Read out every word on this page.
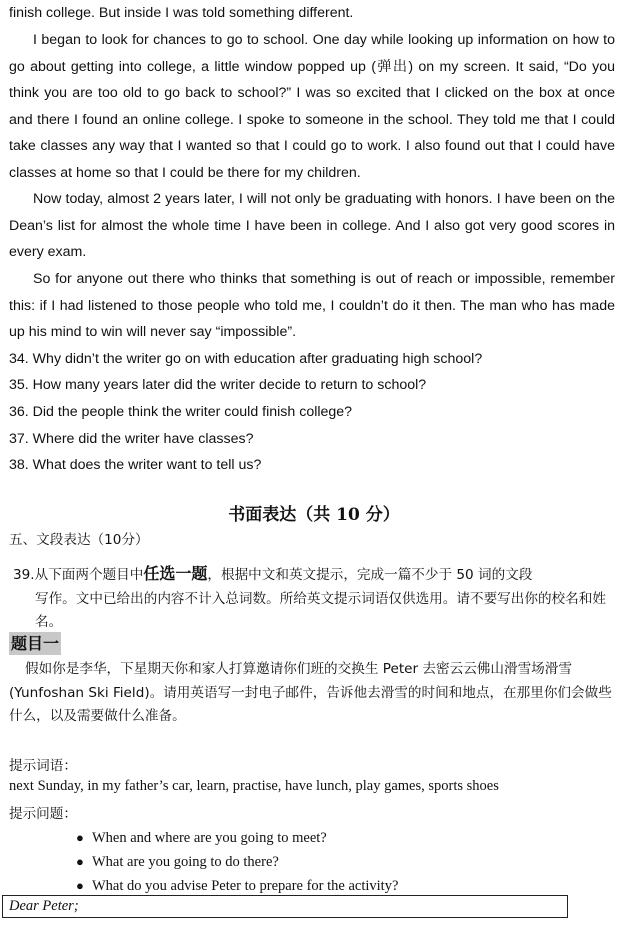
finish college. But inside I was told something different.

I began to look for chances to go to school. One day while looking up information on how to go about getting into college, a little window popped up (弹出) on my screen. It said, “Do you think you are too old to go back to school?” I was so excited that I clicked on the box at once and there I found an online college. I spoke to someone in the school. They told me that I could take classes any way that I wanted so that I could go to work. I also found out that I could have classes at home so that I could be there for my children.

Now today, almost 2 years later, I will not only be graduating with honors. I have been on the Dean’s list for almost the whole time I have been in college. And I also got very good scores in every exam.

So for anyone out there who thinks that something is out of reach or impossible, remember this: if I had listened to those people who told me, I couldn’t do it then. The man who has made up his mind to win will never say “impossible”.

34. Why didn’t the writer go on with education after graduating high school?
35. How many years later did the writer decide to return to school?
36. Did the people think the writer could finish college?
37. Where did the writer have classes?
38. What does the writer want to tell us?
书面表达（共 10 分）
五、文段表达（10分）
39.从下面两个题目中任选一题，根据中文和英文提示，完成一篇不少于 50 词的文段
写作。文中已给出的内容不计入总词数。所给英文提示词语仅供选用。请不要写出你的校名和姓名。
题目一
假如你是李华，下星期天你和家人打算邀请你们班的交换生 Peter 去密云云佛山滑雪场滑雪(Yunfoshan Ski Field)。请用英语写一封电子邮件，告诉他去滑雪的时间和地点，在那里你们会做些什么，以及需要做什么准备。
提示词语：
next Sunday, in my father’s car, learn, practise, have lunch, play games, sports shoes
提示问题：
● When and where are you going to meet?
● What are you going to do there?
● What do you advise Peter to prepare for the activity?
Dear Peter;
